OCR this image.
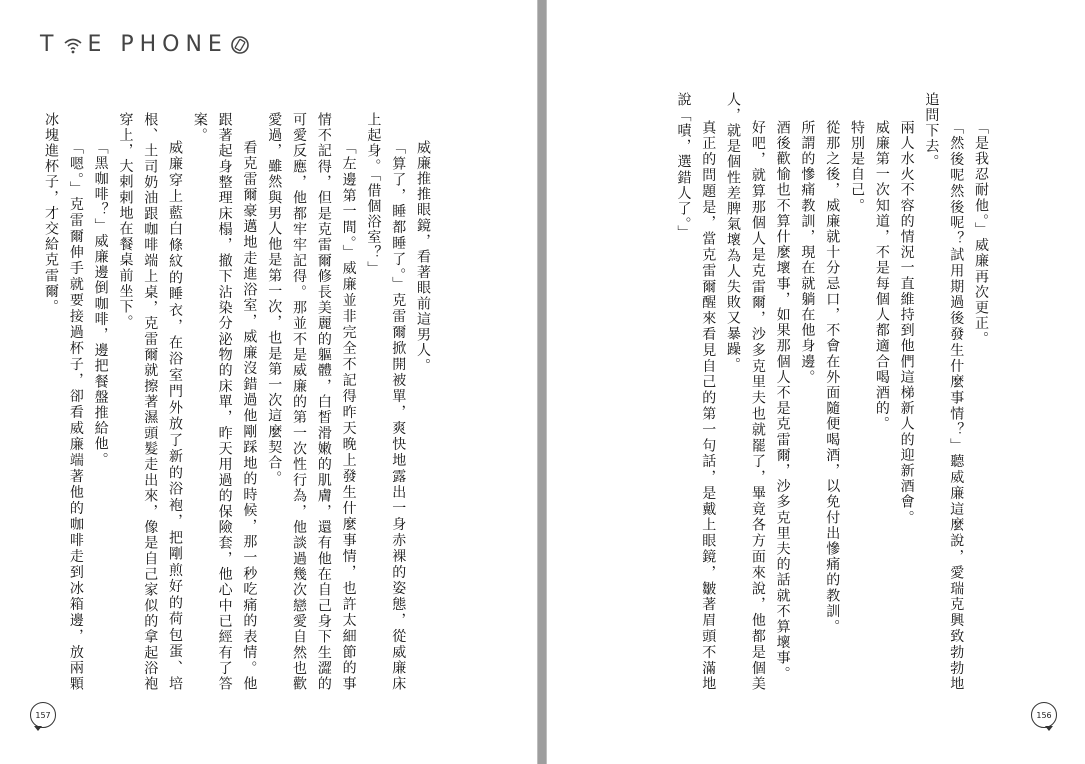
T E PHONE

威廉推推眼鏡，看著眼前這男人。

「算了，睡都睡了。」克雷爾掀開被單，爽快地露出一身赤裸的姿態，從威廉床上起身。「借個浴室？」

「左邊第一間。」威廉並非完全不記得昨天晚上發生什麼事情，也許太細節的事情不記得，但是克雷爾修長美麗的軀體，白皙滑嫩的肌膚，還有他在自己身下生澀的可愛反應，他都牢牢記得。那並不是威廉的第一次性行為，他談過幾次戀愛自然也歡愛過，雖然與男人他是第一次，也是第一次這麼契合。

看克雷爾豪邁地走進浴室，威廉沒錯過他剛踩地的時候，那一秒吃痛的表情。他跟著起身整理床榻，撤下沾染分泌物的床單，昨天用過的保險套，他心中已經有了答案。

威廉穿上藍白條紋的睡衣，在浴室門外放了新的浴袍，把剛煎好的荷包蛋、培根、土司奶油跟咖啡端上桌，克雷爾就擦著濕頭髮走出來，像是自己家似的拿起浴袍穿上，大剌剌地在餐桌前坐下。

「黑咖啡？」威廉邊倒咖啡，邊把餐盤推給他。

「嗯。」克雷爾伸手就要接過杯子，卻看威廉端著他的咖啡走到冰箱邊，放兩顆冰塊進杯子，才交給克雷爾。

157

「是我忍耐他。」威廉再次更正。

「然後呢然後呢？試用期過後發生什麼事情？」聽威廉這麼說，愛瑞克興致勃勃地追問下去。

兩人水火不容的情況一直維持到他們這梯新人的迎新酒會。

威廉第一次知道，不是每個人都適合喝酒的。

特別是自己。

從那之後，威廉就十分忌口，不會在外面隨便喝酒，以免付出慘痛的教訓。

所謂的慘痛教訓，現在就躺在他身邊。

酒後歡愉也不算什麼壞事，如果那個人不是克雷爾，沙多克里夫的話就不算壞事。

好吧，就算那個人是克雷爾，沙多克里夫也就罷了，畢竟各方面來說，他都是個美人，就是個性差脾氣壞為人失敗又暴躁。

真正的問題是，當克雷爾醒來看見自己的第一句話，是戴上眼鏡，皺著眉頭不滿地說「嘖，選錯人了。」

156
